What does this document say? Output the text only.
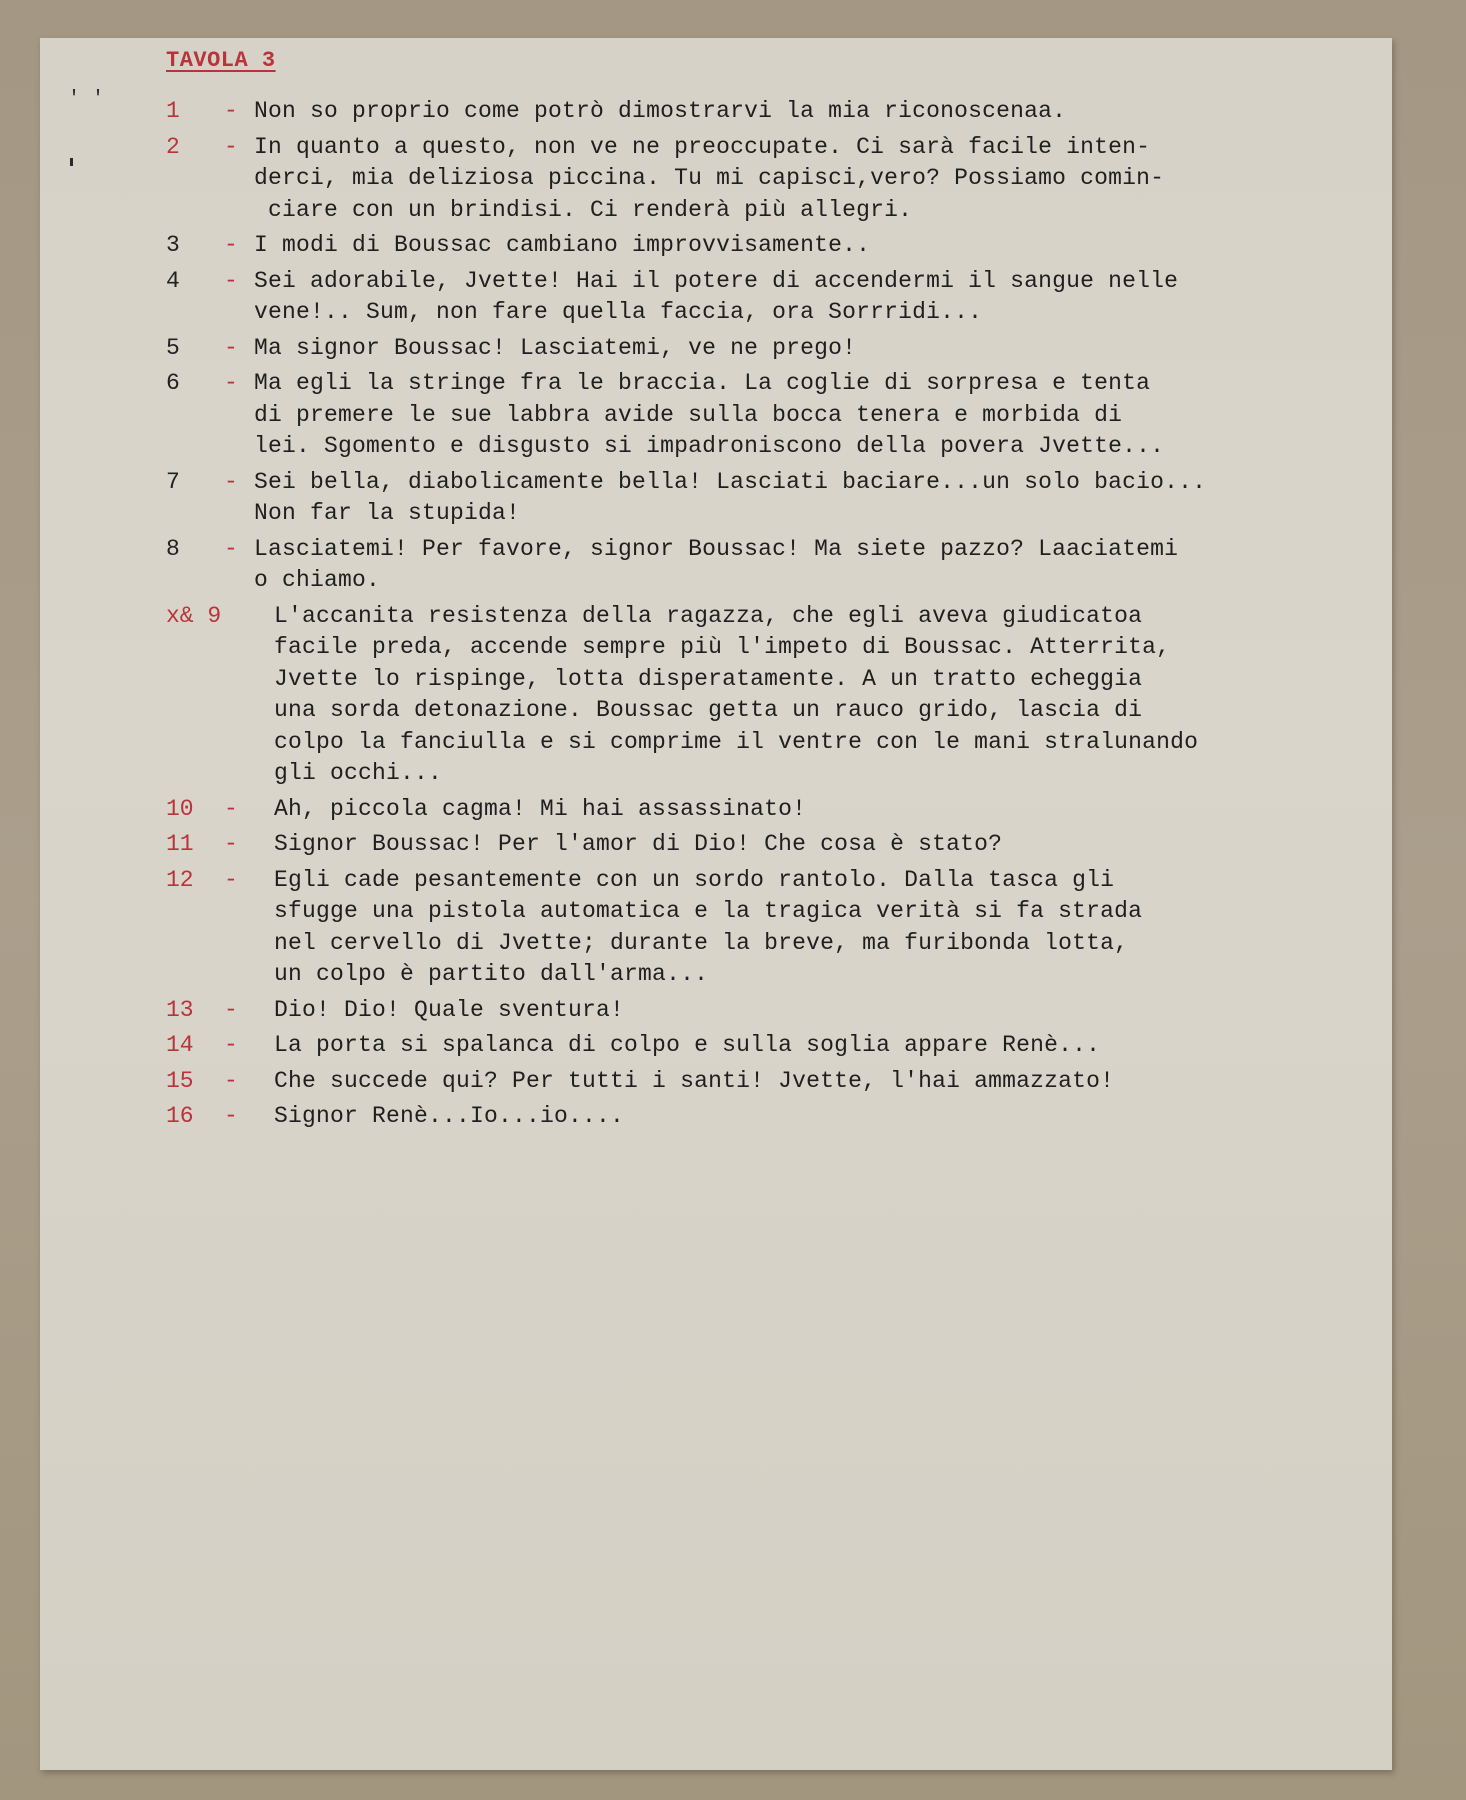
TAVOLA 3
' '	1	- Non so proprio come potrò dimostrarvi la mia riconoscenaa.
2	- In quanto a questo, non ve ne preoccupate. Ci sarà facile inten-
derci, mia deliziosa piccina. Tu mi capisci,vero? Possiamo comin-
ciare con un brindisi. Ci renderà più allegri.
3	- I modi di Boussac cambiano improvvisamente..
4	- Sei adorabile, Jvette! Hai il potere di accendermi il sangue nelle
vene!.. Sum, non fare quella faccia, ora Sorrridi...
5	- Ma signor Boussac! Lasciatemi, ve ne prego!
6	- Ma egli la stringe fra le braccia. La coglie di sorpresa e tenta
di premere le sue labbra avide sulla bocca tenera e morbida di
lei. Sgomento e disgusto si impadroniscono della povera Jvette...
7	- Sei bella, diabolicamente bella! Lasciati baciare...un solo bacio...
Non far la stupida!
8	- Lasciatemi! Per favore, signor Boussac! Ma siete pazzo? Laaciatemi
o chiamo.
x& 9 L'accanita resistenza della ragazza, che egli aveva giudicatoa
facile preda, accende sempre più l'impeto di Boussac. Atterrita,
Jvette lo rispinge, lotta disperatamente. A un tratto echeggia
una sorda detonazione. Boussac getta un rauco grido, lascia di
colpo la fanciulla e si comprime il ventre con le mani stralunando
gli occhi...
10	-	Ah, piccola cagma! Mi hai assassinato!
11	-	Signor Boussac! Per l'amor di Dio! Che cosa è stato?
12	-	Egli cade pesantemente con un sordo rantolo. Dalla tasca gli
sfugge una pistola automatica e la tragica verità si fa strada
nel cervello di Jvette; durante la breve, ma furibonda lotta,
un colpo è partito dall'arma...
13	-	Dio! Dio! Quale sventura!
14	-	La porta si spalanca di colpo e sulla soglia appare Renè...
15	-	Che succede qui? Per tutti i santi! Jvette, l'hai ammazzato!
16	-	Signor Renè...Io...io....
